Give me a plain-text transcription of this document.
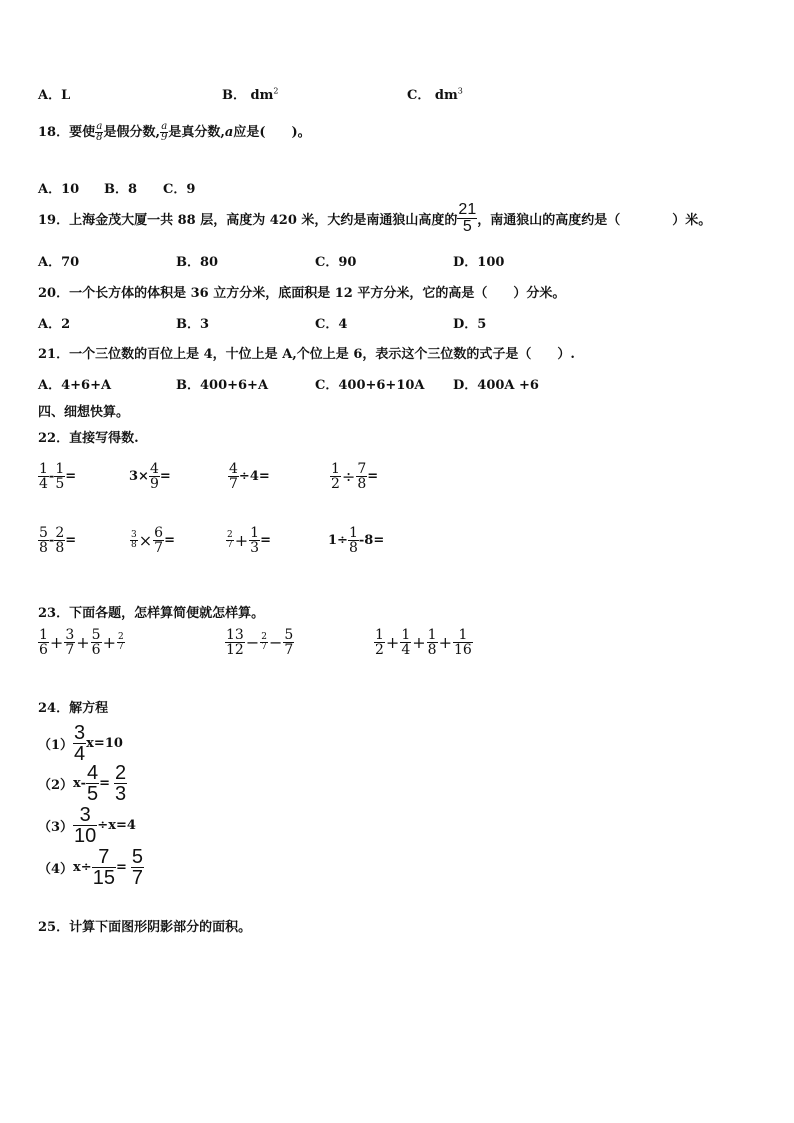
A．L	B． $dm^2$	C． $dm^3$
18．要使 $\frac{a}{8}$ 是假分数, $\frac{a}{9}$ 是真分数,a应是(　　)。
A．10 B．8 C．9
19．上海金茂大厦一共 88 层，高度为 420 米，大约是南通狼山高度的 $\frac{21}{5}$ ，南通狼山的高度约是（　　　　）米。
A．70	B．80	C．90	D．100
20．一个长方体的体积是 36 立方分米，底面积是 12 平方分米，它的高是（　　）分米。
A．2	B．3	C．4	D．5
21．一个三位数的百位上是 4，十位上是 A,个位上是 6，表示这个三位数的式子是（　　）.
A．4+6+A	B．400+6+A	C．400+6+10A D．400A +6
四、细想快算。
22．直接写得数.
$\frac{1}{4} - \frac{1}{5}$ =	$3\times \frac{4}{9}$ =	$\frac{4}{7} \div 4=$	$\frac{1}{2} \div \frac{7}{8}$ =
$\frac{5}{8} - \frac{2}{8}$ =	$\frac{3}{8} \times \frac{6}{7}$ =	$\frac{2}{7} + \frac{1}{3}$ =	$1\div \frac{1}{8} -8=$
23．下面各题，怎样算简便就怎样算。
$\frac{1}{6} + \frac{3}{7} + \frac{5}{6} + \frac{2}{7}$	$\frac{13}{12} - \frac{2}{7} - \frac{5}{7}$	$\frac{1}{2} + \frac{1}{4} + \frac{1}{8} + \frac{1}{16}$
24．解方程
$(1) \frac{3}{4} x=10$
$(2)x- \frac{4}{5} = \frac{2}{3}$
$(3) \frac{3}{10} \div x=4$
$(4)x\div \frac{7}{15} = \frac{5}{7}$
25．计算下面图形阴影部分的面积。
